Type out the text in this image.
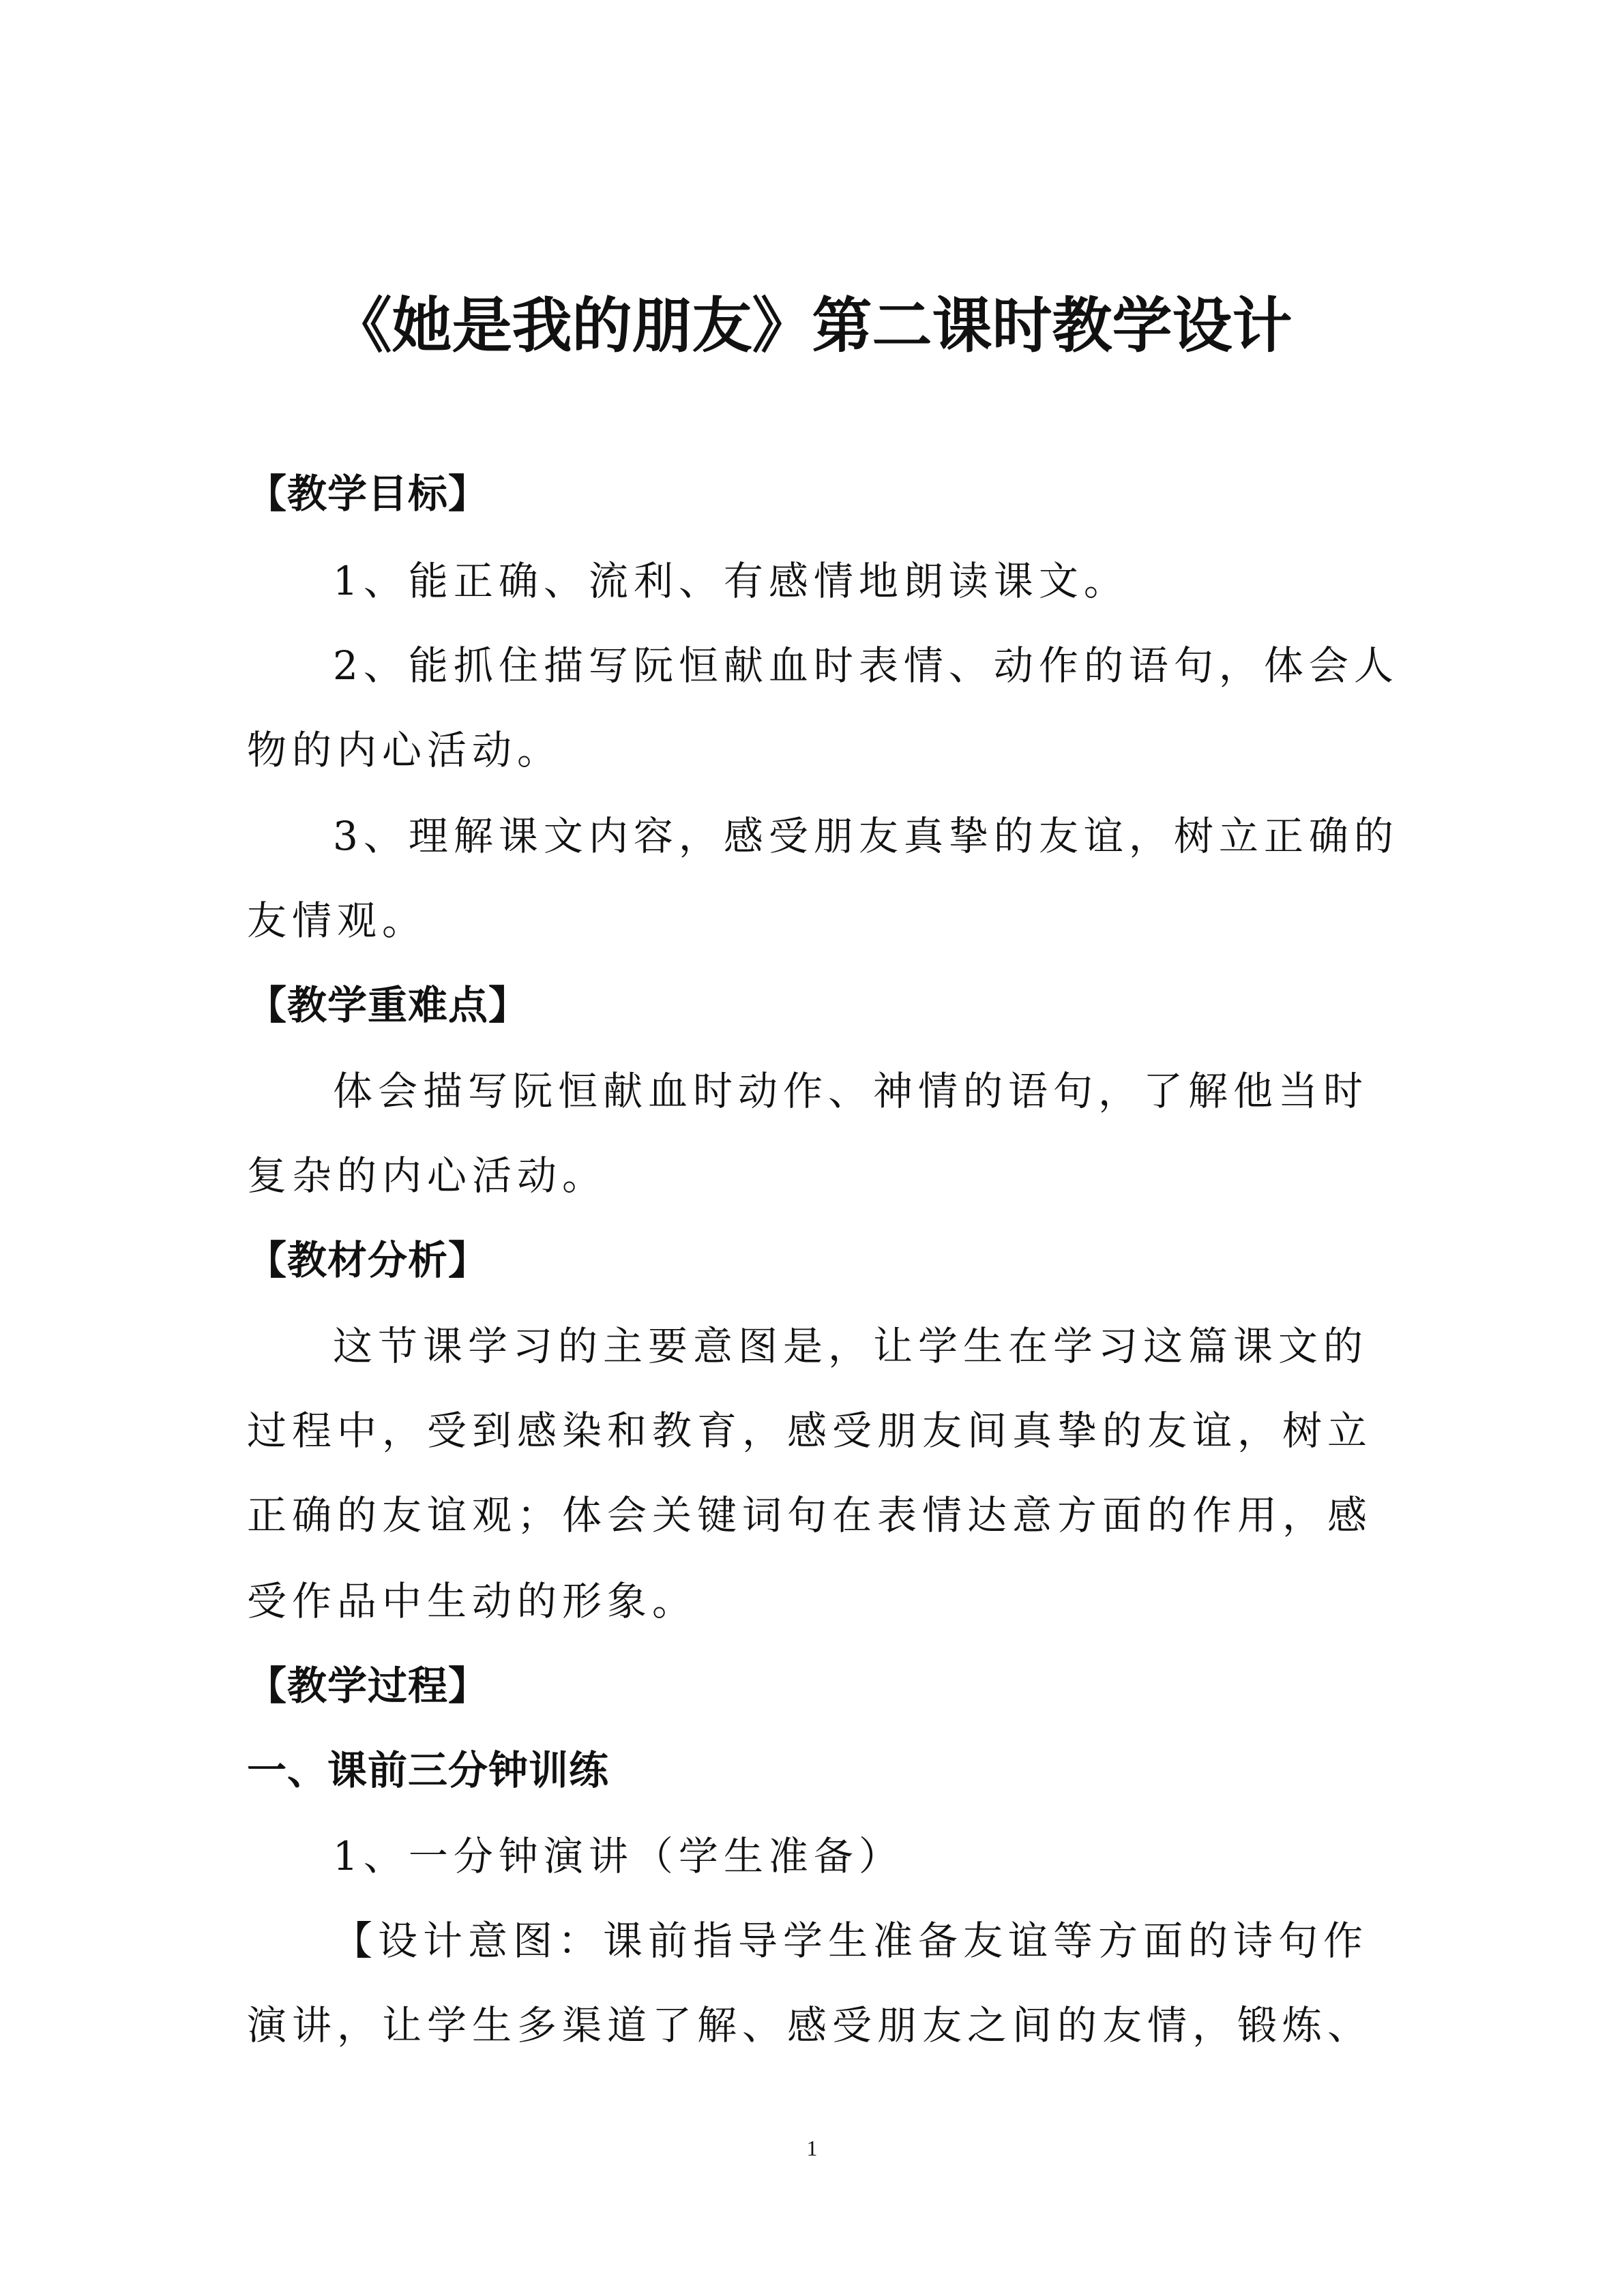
《她是我的朋友》第二课时教学设计
【教学目标】
1、能正确、流利、有感情地朗读课文。
2、能抓住描写阮恒献血时表情、动作的语句，体会人
物的内心活动。
3、理解课文内容，感受朋友真挚的友谊，树立正确的
友情观。
【教学重难点】
体会描写阮恒献血时动作、神情的语句，了解他当时
复杂的内心活动。
【教材分析】
这节课学习的主要意图是，让学生在学习这篇课文的
过程中，受到感染和教育，感受朋友间真挚的友谊，树立
正确的友谊观；体会关键词句在表情达意方面的作用，感
受作品中生动的形象。
【教学过程】
一、课前三分钟训练
1、一分钟演讲（学生准备）
【设计意图：课前指导学生准备友谊等方面的诗句作
演讲，让学生多渠道了解、感受朋友之间的友情，锻炼、
1
